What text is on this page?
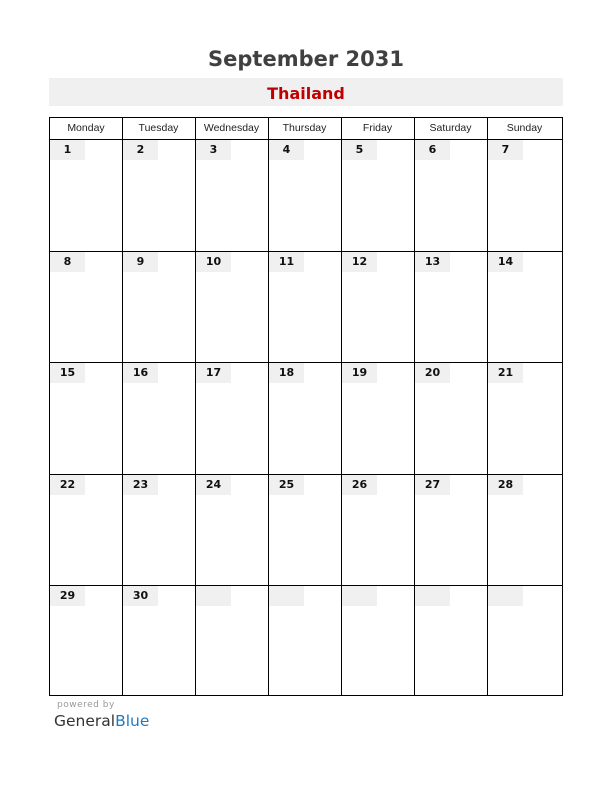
September 2031
Thailand
Monday	Tuesday	Wednesday	Thursday	Friday	Saturday	Sunday
1	2	3	4	5	6	7
8	9	10	11	12	13	14
15	16	17	18	19	20	21
22	23	24	25	26	27	28
29	30
powered by
GeneralBlue
